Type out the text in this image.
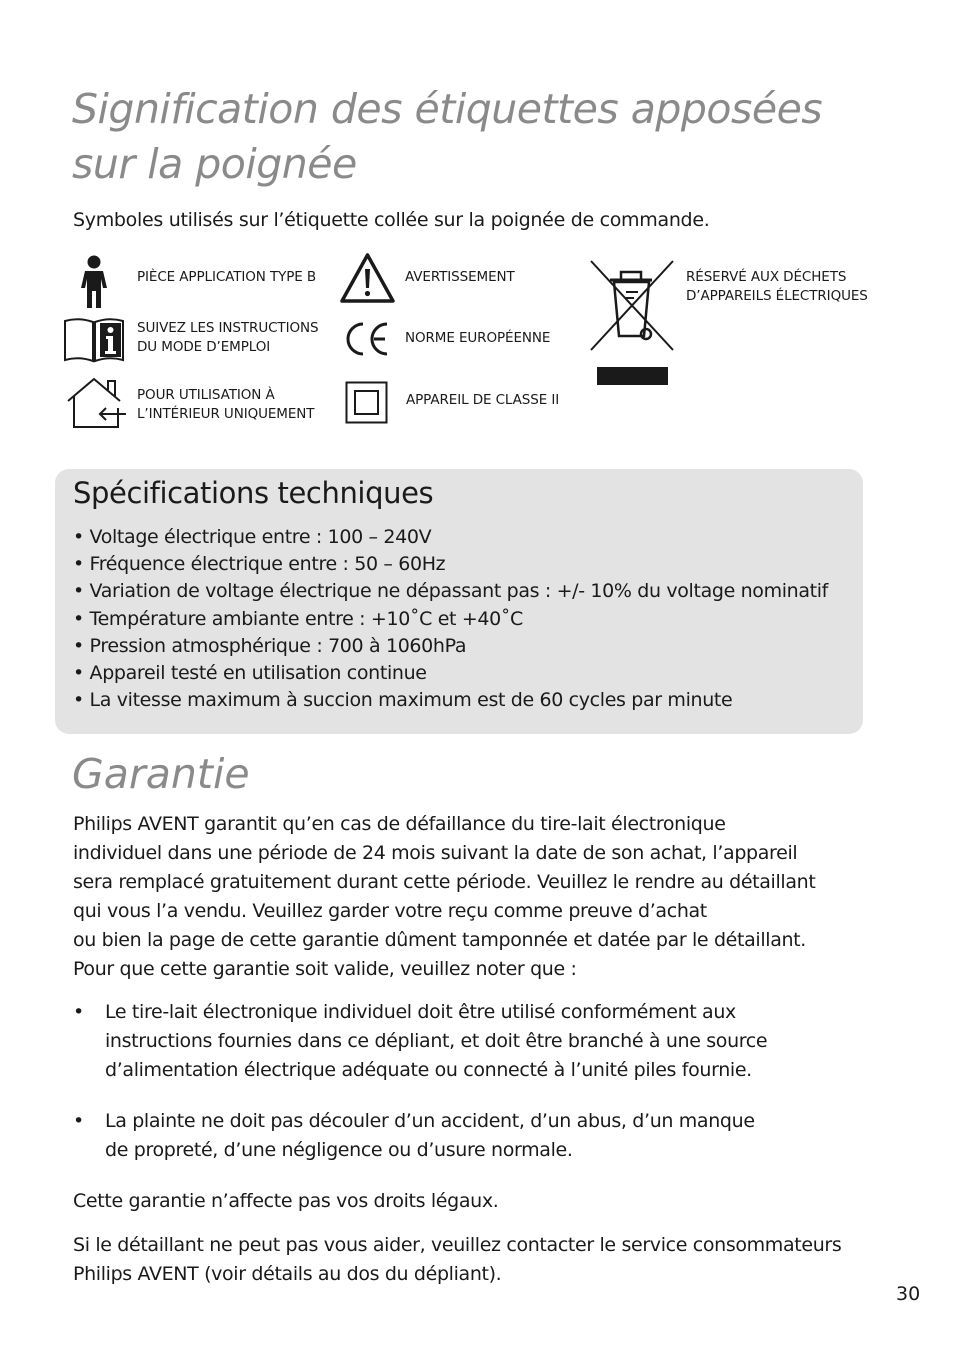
Signification des étiquettes apposées
sur la poignée

Symboles utilisés sur l’étiquette collée sur la poignée de commande.

PIÈCE APPLICATION TYPE B
SUIVEZ LES INSTRUCTIONS
DU MODE D’EMPLOI
POUR UTILISATION À
L’INTÉRIEUR UNIQUEMENT
AVERTISSEMENT
NORME EUROPÉENNE
APPAREIL DE CLASSE II
RÉSERVÉ AUX DÉCHETS
D’APPAREILS ÉLECTRIQUES
Spécifications techniques
• Voltage électrique entre : 100 – 240V
• Fréquence électrique entre : 50 – 60Hz
• Variation de voltage électrique ne dépassant pas : +/- 10% du voltage nominatif
• Température ambiante entre : +10˚C et +40˚C
• Pression atmosphérique : 700 à 1060hPa
• Appareil testé en utilisation continue
• La vitesse maximum à succion maximum est de 60 cycles par minute
Garantie

Philips AVENT garantit qu’en cas de défaillance du tire-lait électronique
individuel dans une période de 24 mois suivant la date de son achat, l’appareil
sera remplacé gratuitement durant cette période. Veuillez le rendre au détaillant
qui vous l’a vendu. Veuillez garder votre reçu comme preuve d’achat
ou bien la page de cette garantie dûment tamponnée et datée par le détaillant.
Pour que cette garantie soit valide, veuillez noter que :

• Le tire-lait électronique individuel doit être utilisé conformément aux
instructions fournies dans ce dépliant, et doit être branché à une source
d’alimentation électrique adéquate ou connecté à l’unité piles fournie.

• La plainte ne doit pas découler d’un accident, d’un abus, d’un manque
de propreté, d’une négligence ou d’usure normale.

Cette garantie n’affecte pas vos droits légaux.

Si le détaillant ne peut pas vous aider, veuillez contacter le service consommateurs
Philips AVENT (voir détails au dos du dépliant).

30
